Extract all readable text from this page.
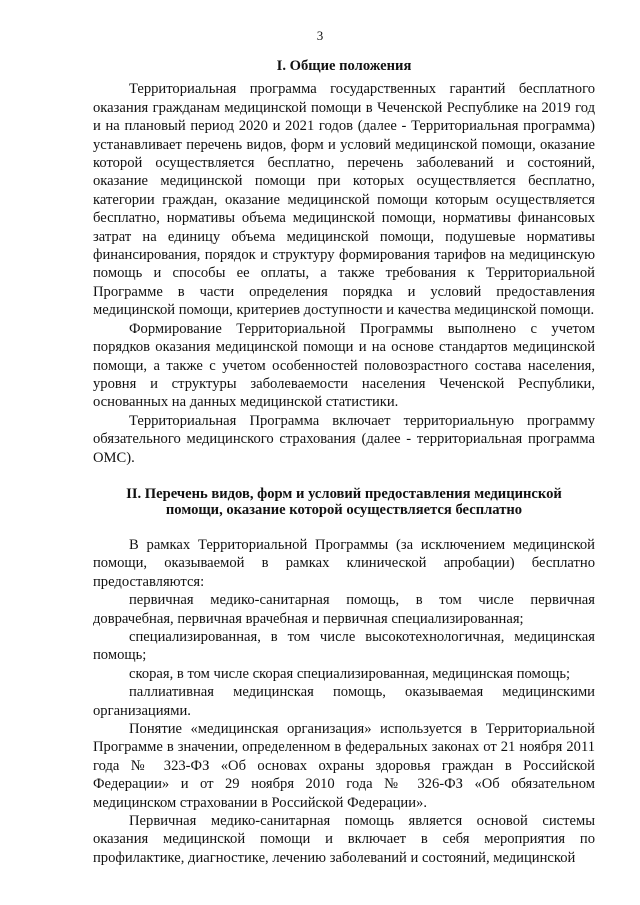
3
I. Общие положения

Территориальная программа государственных гарантий бесплатного оказания гражданам медицинской помощи в Чеченской Республике на 2019 год и на плановый период 2020 и 2021 годов (далее - Территориальная программа) устанавливает перечень видов, форм и условий медицинской помощи, оказание которой осуществляется бесплатно, перечень заболеваний и состояний, оказание медицинской помощи при которых осуществляется бесплатно, категории граждан, оказание медицинской помощи которым осуществляется бесплатно, нормативы объема медицинской помощи, нормативы финансовых затрат на единицу объема медицинской помощи, подушевые нормативы финансирования, порядок и структуру формирования тарифов на медицинскую помощь и способы ее оплаты, а также требования к Территориальной Программе в части определения порядка и условий предоставления медицинской помощи, критериев доступности и качества медицинской помощи.

Формирование Территориальной Программы выполнено с учетом порядков оказания медицинской помощи и на основе стандартов медицинской помощи, а также с учетом особенностей половозрастного состава населения, уровня и структуры заболеваемости населения Чеченской Республики, основанных на данных медицинской статистики.

Территориальная Программа включает территориальную программу обязательного медицинского страхования (далее - территориальная программа ОМС).

II. Перечень видов, форм и условий предоставления медицинской
помощи, оказание которой осуществляется бесплатно

В рамках Территориальной Программы (за исключением медицинской помощи, оказываемой в рамках клинической апробации) бесплатно предоставляются:

первичная медико-санитарная помощь, в том числе первичная доврачебная, первичная врачебная и первичная специализированная;

специализированная, в том числе высокотехнологичная, медицинская помощь;

скорая, в том числе скорая специализированная, медицинская помощь;

паллиативная медицинская помощь, оказываемая медицинскими организациями.

Понятие «медицинская организация» используется в Территориальной Программе в значении, определенном в федеральных законах от 21 ноября 2011 года № 323-ФЗ «Об основах охраны здоровья граждан в Российской Федерации» и от 29 ноября 2010 года № 326-ФЗ «Об обязательном медицинском страховании в Российской Федерации».

Первичная медико-санитарная помощь является основой системы оказания медицинской помощи и включает в себя мероприятия по профилактике, диагностике, лечению заболеваний и состояний, медицинской
